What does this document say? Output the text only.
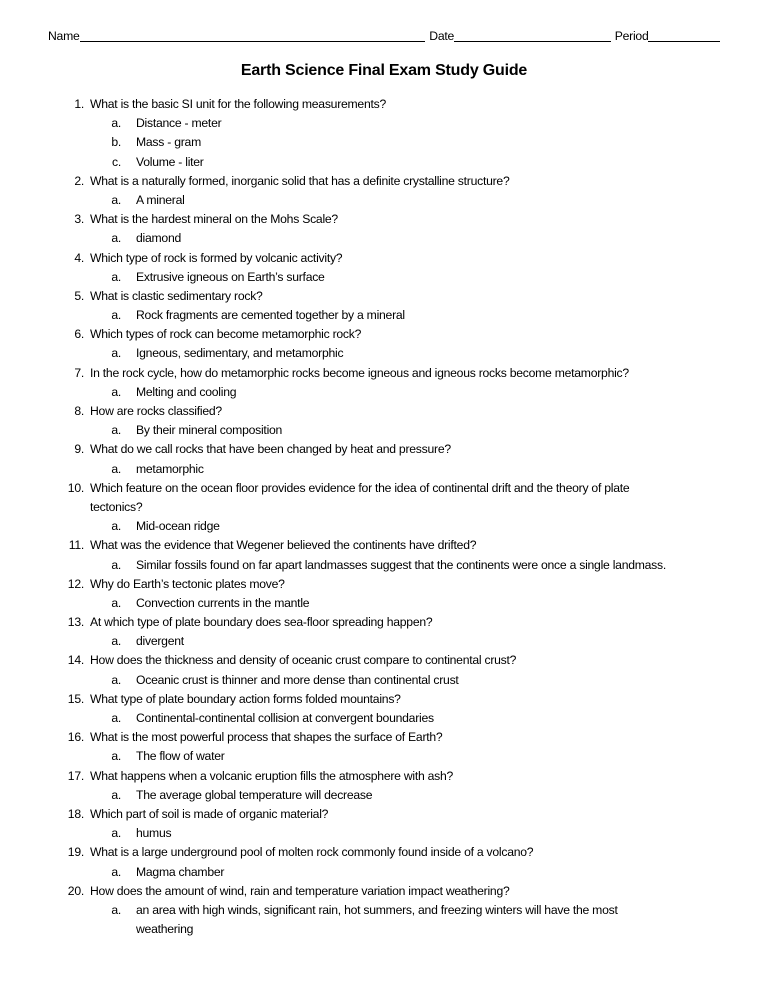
Name	Date	Period
Earth Science Final Exam Study Guide
1. What is the basic SI unit for the following measurements?
a. Distance - meter
b. Mass - gram
c. Volume - liter
2. What is a naturally formed, inorganic solid that has a definite crystalline structure?
a. A mineral
3. What is the hardest mineral on the Mohs Scale?
a. diamond
4. Which type of rock is formed by volcanic activity?
a. Extrusive igneous on Earth’s surface
5. What is clastic sedimentary rock?
a. Rock fragments are cemented together by a mineral
6. Which types of rock can become metamorphic rock?
a. Igneous, sedimentary, and metamorphic
7. In the rock cycle, how do metamorphic rocks become igneous and igneous rocks become metamorphic?
a. Melting and cooling
8. How are rocks classified?
a. By their mineral composition
9. What do we call rocks that have been changed by heat and pressure?
a. metamorphic
10. Which feature on the ocean floor provides evidence for the idea of continental drift and the theory of plate
tectonics?
a. Mid-ocean ridge
11. What was the evidence that Wegener believed the continents have drifted?
a. Similar fossils found on far apart landmasses suggest that the continents were once a single landmass.
12. Why do Earth’s tectonic plates move?
a. Convection currents in the mantle
13. At which type of plate boundary does sea-floor spreading happen?
a. divergent
14. How does the thickness and density of oceanic crust compare to continental crust?
a. Oceanic crust is thinner and more dense than continental crust
15. What type of plate boundary action forms folded mountains?
a. Continental-continental collision at convergent boundaries
16. What is the most powerful process that shapes the surface of Earth?
a. The flow of water
17. What happens when a volcanic eruption fills the atmosphere with ash?
a. The average global temperature will decrease
18. Which part of soil is made of organic material?
a. humus
19. What is a large underground pool of molten rock commonly found inside of a volcano?
a. Magma chamber
20. How does the amount of wind, rain and temperature variation impact weathering?
a. an area with high winds, significant rain, hot summers, and freezing winters will have the most
weathering
